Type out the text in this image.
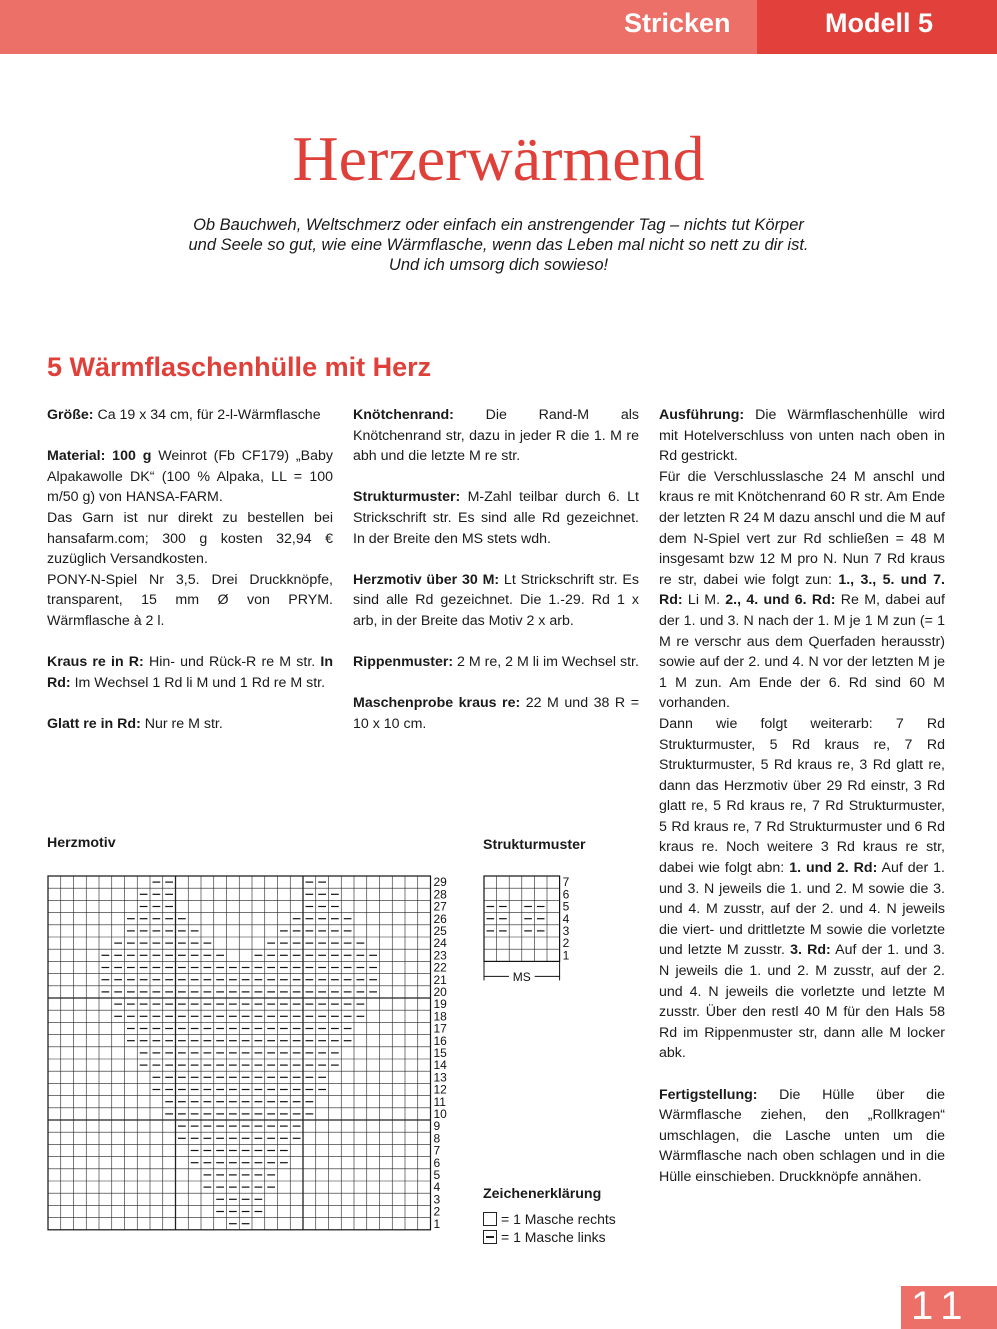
Stricken	Modell 5
Herzerwärmend
Ob Bauchweh, Weltschmerz oder einfach ein anstrengender Tag – nichts tut Körper
und Seele so gut, wie eine Wärmflasche, wenn das Leben mal nicht so nett zu dir ist.
Und ich umsorg dich sowieso!
5 Wärmflaschenhülle mit Herz

Größe: Ca 19 x 34 cm, für 2-l-Wärmflasche

Material: 100 g Weinrot (Fb CF179) „Baby Alpakawolle DK“ (100 % Alpaka, LL = 100 m/50 g) von HANSA-FARM.

Das Garn ist nur direkt zu bestellen bei hansafarm.com; 300 g kosten 32,94 € zuzüglich Versandkosten.

PONY-N-Spiel Nr 3,5. Drei Druckknöpfe, transparent, 15 mm Ø von PRYM. Wärmflasche à 2 l.

Kraus re in R: Hin- und Rück-R re M str. In Rd: Im Wechsel 1 Rd li M und 1 Rd re M str.

Glatt re in Rd: Nur re M str.

Knötchenrand: Die Rand-M als Knötchenrand str, dazu in jeder R die 1. M re abh und die letzte M re str.

Strukturmuster: M-Zahl teilbar durch 6. Lt Strickschrift str. Es sind alle Rd gezeichnet. In der Breite den MS stets wdh.

Herzmotiv über 30 M: Lt Strickschrift str. Es sind alle Rd gezeichnet. Die 1.-29. Rd 1 x arb, in der Breite das Motiv 2 x arb.

Rippenmuster: 2 M re, 2 M li im Wechsel str.

Maschenprobe kraus re: 22 M und 38 R = 10 x 10 cm.

Ausführung: Die Wärmflaschenhülle wird mit Hotelverschluss von unten nach oben in Rd gestrickt.

Für die Verschlusslasche 24 M anschl und kraus re mit Knötchenrand 60 R str. Am Ende der letzten R 24 M dazu anschl und die M auf dem N-Spiel vert zur Rd schließen = 48 M insgesamt bzw 12 M pro N. Nun 7 Rd kraus re str, dabei wie folgt zun: 1., 3., 5. und 7. Rd: Li M. 2., 4. und 6. Rd: Re M, dabei auf der 1. und 3. N nach der 1. M je 1 M zun (= 1 M re verschr aus dem Querfaden herausstr) sowie auf der 2. und 4. N vor der letzten M je 1 M zun. Am Ende der 6. Rd sind 60 M vorhanden.

Dann wie folgt weiterarb: 7 Rd Strukturmuster, 5 Rd kraus re, 7 Rd Strukturmuster, 5 Rd kraus re, 3 Rd glatt re, dann das Herzmotiv über 29 Rd einstr, 3 Rd glatt re, 5 Rd kraus re, 7 Rd Strukturmuster, 5 Rd kraus re, 7 Rd Strukturmuster und 6 Rd kraus re. Noch weitere 3 Rd kraus re str, dabei wie folgt abn: 1. und 2. Rd: Auf der 1. und 3. N jeweils die 1. und 2. M sowie die 3. und 4. M zusstr, auf der 2. und 4. N jeweils die viert- und drittletzte M sowie die vorletzte und letzte M zusstr. 3. Rd: Auf der 1. und 3. N jeweils die 1. und 2. M zusstr, auf der 2. und 4. N jeweils die vorletzte und letzte M zusstr. Über den restl 40 M für den Hals 58 Rd im Rippenmuster str, dann alle M locker abk.

Fertigstellung: Die Hülle über die Wärmflasche ziehen, den „Rollkragen“ umschlagen, die Lasche unten um die Wärmflasche nach oben schlagen und in die Hülle einschieben. Druckknöpfe annähen.

Herzmotiv
29
28
27
26
25
24
23
22
21
20
19
18
17
16
15
14
13
12
11
10
9
8
7
6
5
4
3
2
1
Strukturmuster
7
6
5
4
3
2
1
MS
Zeichenerklärung
= 1 Masche rechts
= 1 Masche links
11
